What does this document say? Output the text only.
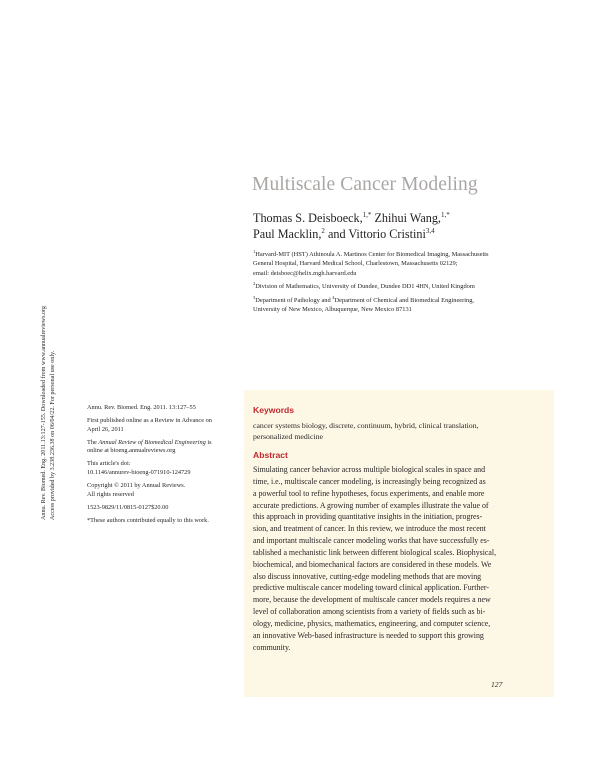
Multiscale Cancer Modeling
Thomas S. Deisboeck,$^{1,*}$ Zhihui Wang,$^{1,*}$
Paul Macklin,$^2$ and Vittorio Cristini$^{3,4}$
$^1$Harvard-MIT (HST) Athinoula A. Martinos Center for Biomedical Imaging, Massachusetts
General Hospital, Harvard Medical School, Charlestown, Massachusetts 02129;
email: deisboec@helix.mgh.harvard.edu
$^2$Division of Mathematics, University of Dundee, Dundee DD1 4HN, United Kingdom
$^3$Department of Pathology and $^4$Department of Chemical and Biomedical Engineering,
University of New Mexico, Albuquerque, New Mexico 87131
Annu. Rev. Biomed. Eng. 2011. 13:127–55
First published online as a Review in Advance on
April 26, 2011
The Annual Review of Biomedical Engineering is
online at bioeng.annualreviews.org
This article's doi:
10.1146/annurev-bioeng-071910-124729
Copyright © 2011 by Annual Reviews.
All rights reserved
1523-9829/11/0815-0127$20.00
*These authors contributed equally to this work.
Keywords
cancer systems biology, discrete, continuum, hybrid, clinical translation,
personalized medicine
Abstract
Simulating cancer behavior across multiple biological scales in space and
time, i.e., multiscale cancer modeling, is increasingly being recognized as
a powerful tool to refine hypotheses, focus experiments, and enable more
accurate predictions. A growing number of examples illustrate the value of
this approach in providing quantitative insights in the initiation, progres-
sion, and treatment of cancer. In this review, we introduce the most recent
and important multiscale cancer modeling works that have successfully es-
tablished a mechanistic link between different biological scales. Biophysical,
biochemical, and biomechanical factors are considered in these models. We
also discuss innovative, cutting-edge modeling methods that are moving
predictive multiscale cancer modeling toward clinical application. Further-
more, because the development of multiscale cancer models requires a new
level of collaboration among scientists from a variety of fields such as bi-
ology, medicine, physics, mathematics, engineering, and computer science,
an innovative Web-based infrastructure is needed to support this growing
community.
127
Annu. Rev. Biomed. Eng. 2011.13:127-155. Downloaded from www.annualreviews.org Access provided by 3.238.236.38 on 06/04/22. For personal use only.
